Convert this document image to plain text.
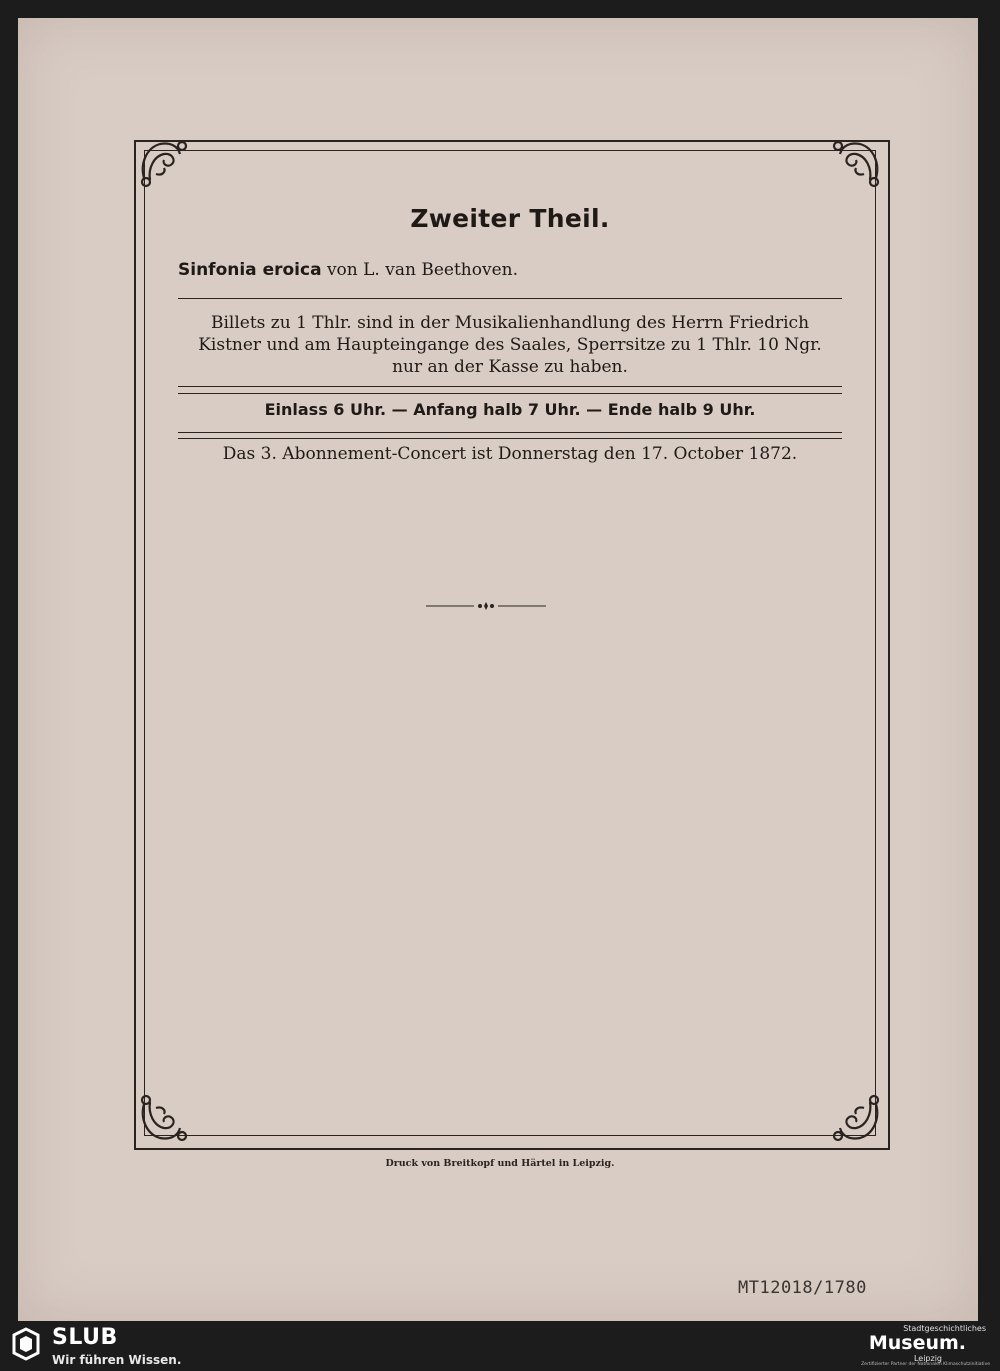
Zweiter Theil.
Sinfonia eroica von L. van Beethoven.
Billets zu 1 Thlr. sind in der Musikalienhandlung des Herrn Friedrich
Kistner und am Haupteingange des Saales, Sperrsitze zu 1 Thlr. 10 Ngr.
nur an der Kasse zu haben.
Einlass 6 Uhr. — Anfang halb 7 Uhr. — Ende halb 9 Uhr.
Das 3. Abonnement-Concert ist Donnerstag den 17. October 1872.
Druck von Breitkopf und Härtel in Leipzig.
MT12018/1780
SLUB
Wir führen Wissen.
Stadtgeschichtliches
Museum.
Leipzig
Zertifizierter Partner der Nationalen Klimaschutzinitiative
